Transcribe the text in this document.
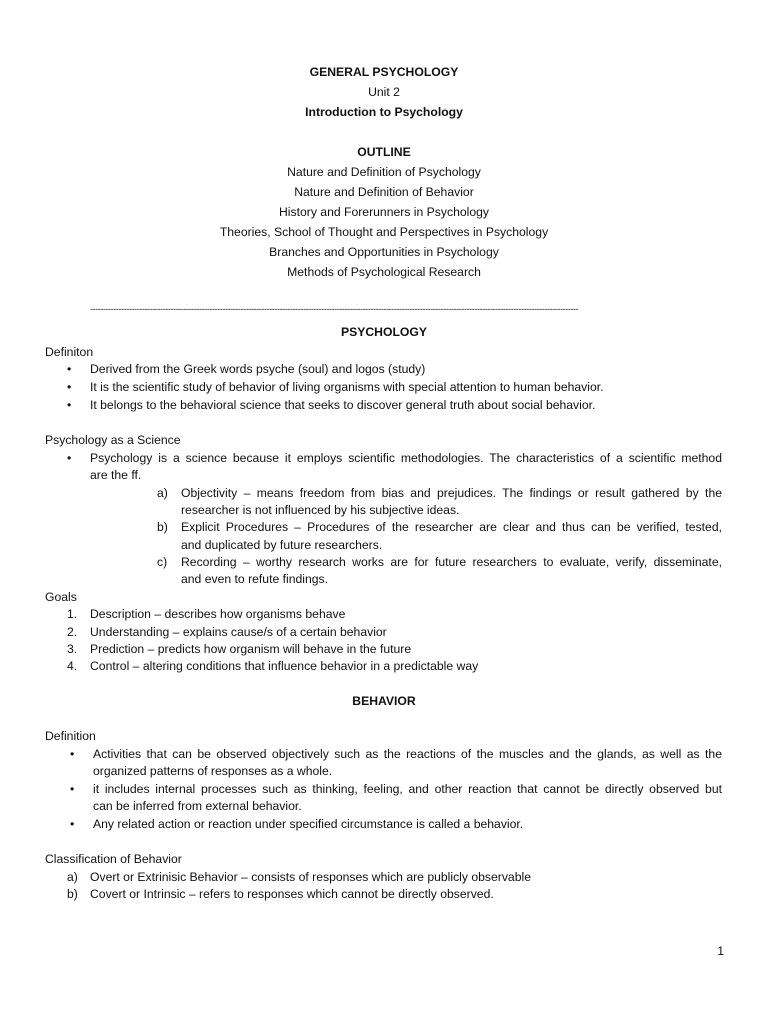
GENERAL PSYCHOLOGY
Unit 2
Introduction to Psychology
OUTLINE
Nature and Definition of Psychology
Nature and Definition of Behavior
History and Forerunners in Psychology
Theories, School of Thought and Perspectives in Psychology
Branches and Opportunities in Psychology
Methods of Psychological Research
--------------------------------------------------------------------------------------------------------------------------------------------------------------------------------------------
PSYCHOLOGY
Definiton
• Derived from the Greek words psyche (soul) and logos (study)
• It is the scientific study of behavior of living organisms with special attention to human behavior.
• It belongs to the behavioral science that seeks to discover general truth about social behavior.
Psychology as a Science
• Psychology is a science because it employs scientific methodologies. The characteristics of a scientific method
are the ff.
a) Objectivity – means freedom from bias and prejudices. The findings or result gathered by the
researcher is not influenced by his subjective ideas.
b) Explicit Procedures – Procedures of the researcher are clear and thus can be verified, tested,
and duplicated by future researchers.
c) Recording – worthy research works are for future researchers to evaluate, verify, disseminate,
and even to refute findings.
Goals
1. Description – describes how organisms behave
2. Understanding – explains cause/s of a certain behavior
3. Prediction – predicts how organism will behave in the future
4. Control – altering conditions that influence behavior in a predictable way
BEHAVIOR
Definition
• Activities that can be observed objectively such as the reactions of the muscles and the glands, as well as the
organized patterns of responses as a whole.
• it includes internal processes such as thinking, feeling, and other reaction that cannot be directly observed but
can be inferred from external behavior.
• Any related action or reaction under specified circumstance is called a behavior.
Classification of Behavior
a) Overt or Extrinisic Behavior – consists of responses which are publicly observable
b) Covert or Intrinsic – refers to responses which cannot be directly observed.
1
